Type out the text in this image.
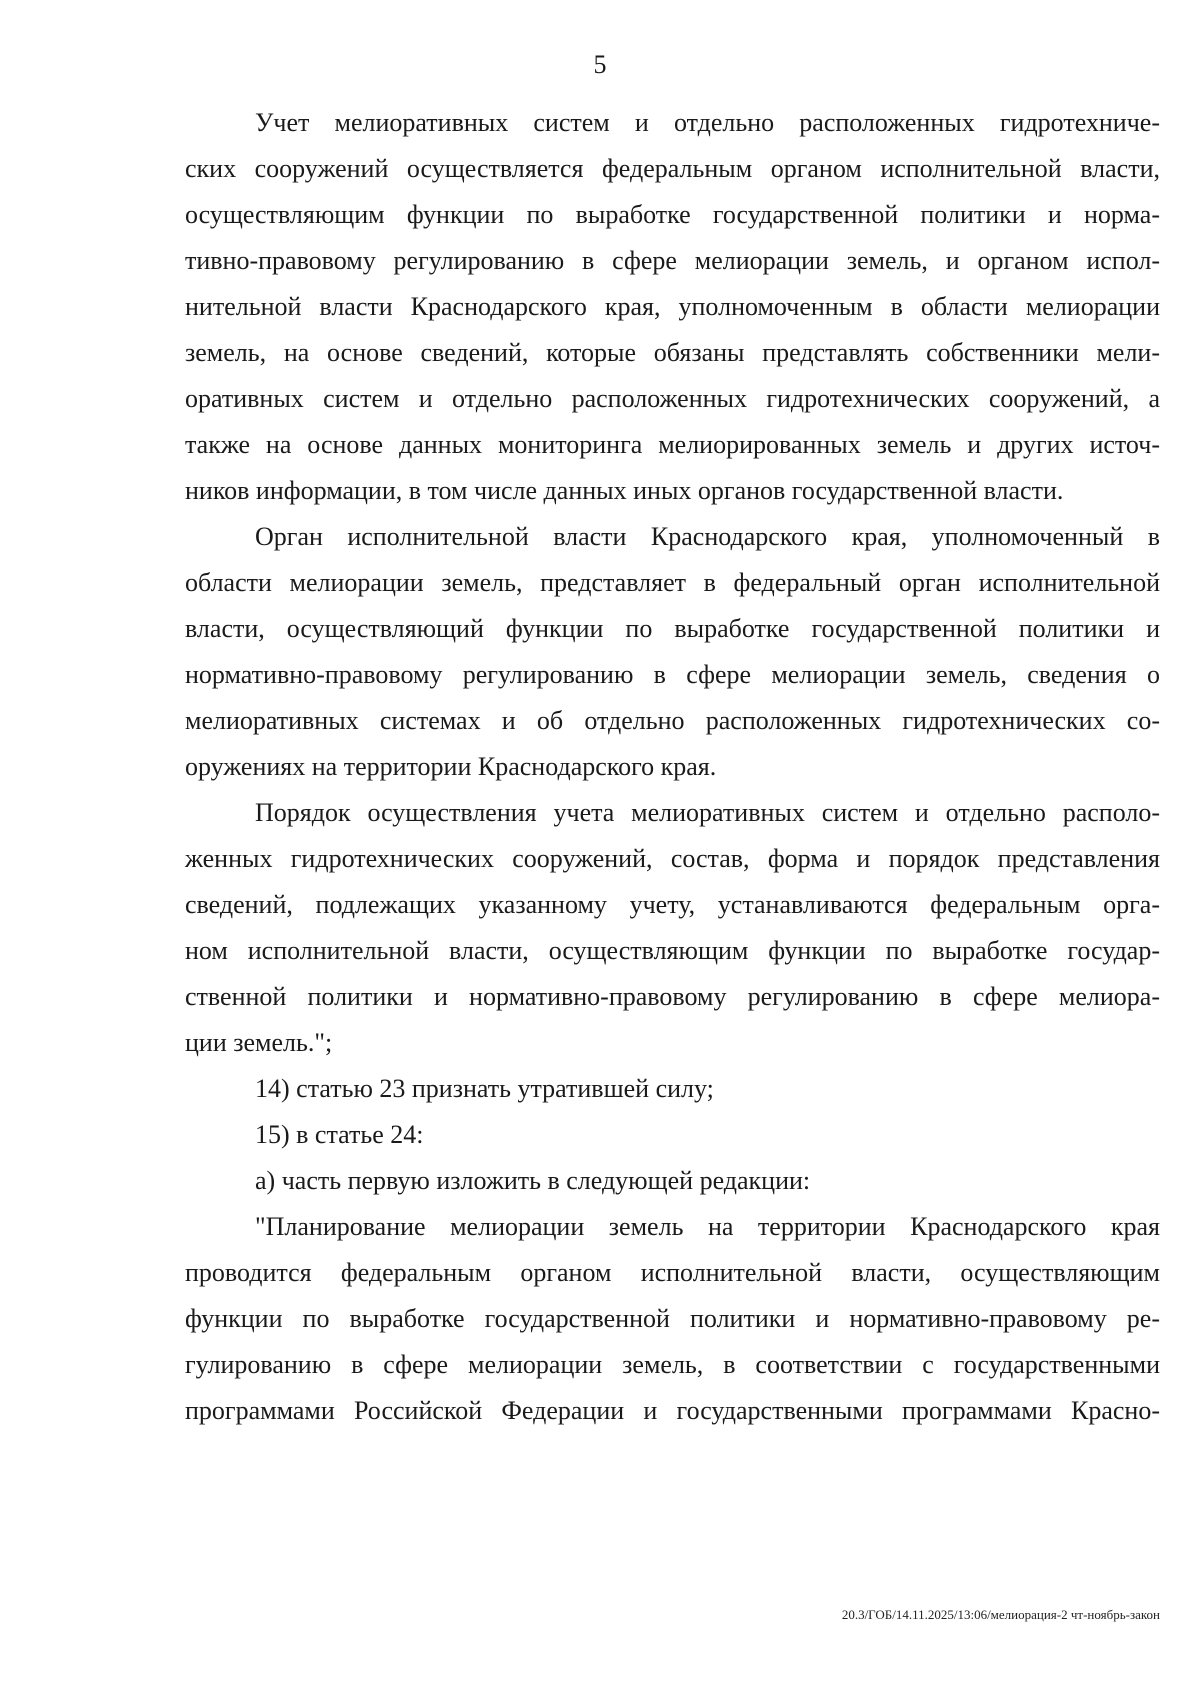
5
Учет мелиоративных систем и отдельно расположенных гидротехниче-
ских сооружений осуществляется федеральным органом исполнительной власти,
осуществляющим функции по выработке государственной политики и норма-
тивно-правовому регулированию в сфере мелиорации земель, и органом испол-
нительной власти Краснодарского края, уполномоченным в области мелиорации
земель, на основе сведений, которые обязаны представлять собственники мели-
оративных систем и отдельно расположенных гидротехнических сооружений, а
также на основе данных мониторинга мелиорированных земель и других источ-
ников информации, в том числе данных иных органов государственной власти.
Орган исполнительной власти Краснодарского края, уполномоченный в
области мелиорации земель, представляет в федеральный орган исполнительной
власти, осуществляющий функции по выработке государственной политики и
нормативно-правовому регулированию в сфере мелиорации земель, сведения о
мелиоративных системах и об отдельно расположенных гидротехнических со-
оружениях на территории Краснодарского края.
Порядок осуществления учета мелиоративных систем и отдельно располо-
женных гидротехнических сооружений, состав, форма и порядок представления
сведений, подлежащих указанному учету, устанавливаются федеральным орга-
ном исполнительной власти, осуществляющим функции по выработке государ-
ственной политики и нормативно-правовому регулированию в сфере мелиора-
ции земель.";
14) статью 23 признать утратившей силу;
15) в статье 24:
а) часть первую изложить в следующей редакции:
"Планирование мелиорации земель на территории Краснодарского края
проводится федеральным органом исполнительной власти, осуществляющим
функции по выработке государственной политики и нормативно-правовому ре-
гулированию в сфере мелиорации земель, в соответствии с государственными
программами Российской Федерации и государственными программами Красно-
20.3/ГОБ/14.11.2025/13:06/мелиорация-2 чт-ноябрь-закон
